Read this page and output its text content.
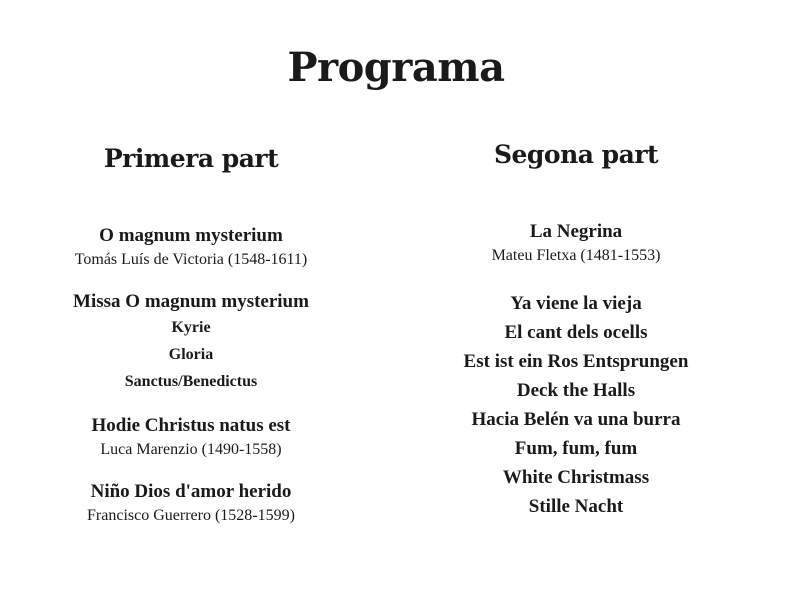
Programa
Primera part

O magnum mysterium

Tomás Luís de Victoria (1548-1611)

Missa O magnum mysterium

Kyrie

Gloria

Sanctus/Benedictus

Hodie Christus natus est

Luca Marenzio (1490-1558)

Niño Dios d'amor herido

Francisco Guerrero (1528-1599)

Segona part

La Negrina

Mateu Fletxa (1481-1553)

Ya viene la vieja

El cant dels ocells

Est ist ein Ros Entsprungen

Deck the Halls

Hacia Belén va una burra

Fum, fum, fum

White Christmass

Stille Nacht
